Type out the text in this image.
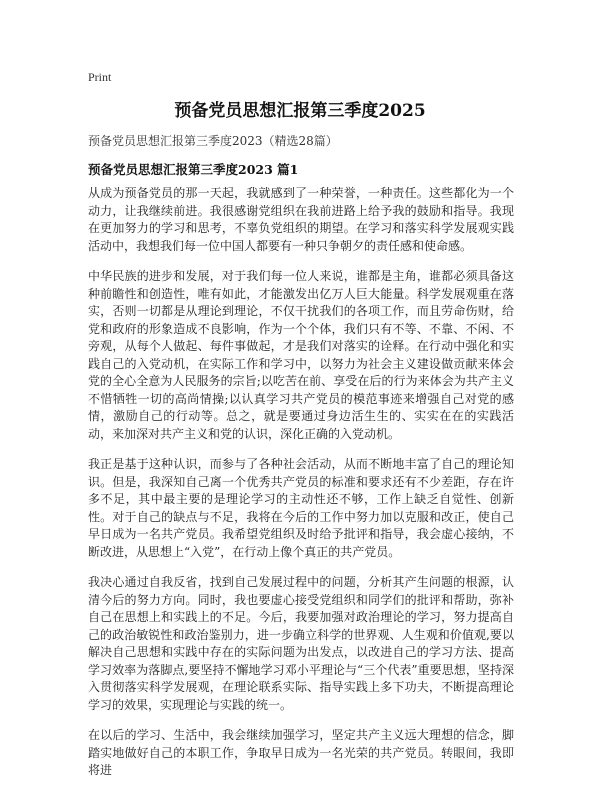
Print
预备党员思想汇报第三季度2025

预备党员思想汇报第三季度2023（精选28篇）

预备党员思想汇报第三季度2023 篇1

从成为预备党员的那一天起，我就感到了一种荣誉，一种责任。这些都化为一个动力，让我继续前进。我很感谢党组织在我前进路上给予我的鼓励和指导。我现在更加努力的学习和思考，不辜负党组织的期望。在学习和落实科学发展观实践活动中，我想我们每一位中国人都要有一种只争朝夕的责任感和使命感。

中华民族的进步和发展，对于我们每一位人来说，谁都是主角，谁都必须具备这种前瞻性和创造性，唯有如此，才能激发出亿万人巨大能量。科学发展观重在落实，否则一切都是从理论到理论，不仅干扰我们的各项工作，而且劳命伤财，给党和政府的形象造成不良影响，作为一个个体，我们只有不等、不靠、不闲、不旁观，从每个人做起、每件事做起，才是我们对落实的诠释。在行动中强化和实践自己的入党动机，在实际工作和学习中，以努力为社会主义建设做贡献来体会党的全心全意为人民服务的宗旨;以吃苦在前、享受在后的行为来体会为共产主义不惜牺牲一切的高尚情操;以认真学习共产党员的模范事迹来增强自己对党的感情，激励自己的行动等。总之，就是要通过身边活生生的、实实在在的实践活动，来加深对共产主义和党的认识，深化正确的入党动机。

我正是基于这种认识，而参与了各种社会活动，从而不断地丰富了自己的理论知识。但是，我深知自己离一个优秀共产党员的标准和要求还有不少差距，存在许多不足，其中最主要的是理论学习的主动性还不够，工作上缺乏自觉性、创新性。对于自己的缺点与不足，我将在今后的工作中努力加以克服和改正，使自己早日成为一名共产党员。我希望党组织及时给予批评和指导，我会虚心接纳，不断改进，从思想上“入党”，在行动上像个真正的共产党员。

我决心通过自我反省，找到自己发展过程中的问题，分析其产生问题的根源，认清今后的努力方向。同时，我也要虚心接受党组织和同学们的批评和帮助，弥补自己在思想上和实践上的不足。今后，我要加强对政治理论的学习，努力提高自己的政治敏锐性和政治鉴别力，进一步确立科学的世界观、人生观和价值观,要以解决自己思想和实践中存在的实际问题为出发点，以改进自己的学习方法、提高学习效率为落脚点,要坚持不懈地学习邓小平理论与“三个代表”重要思想，坚持深入贯彻落实科学发展观，在理论联系实际、指导实践上多下功夫，不断提高理论学习的效果，实现理论与实践的统一。

在以后的学习、生活中，我会继续加强学习，坚定共产主义远大理想的信念，脚踏实地做好自己的本职工作，争取早日成为一名光荣的共产党员。转眼间，我即将进
